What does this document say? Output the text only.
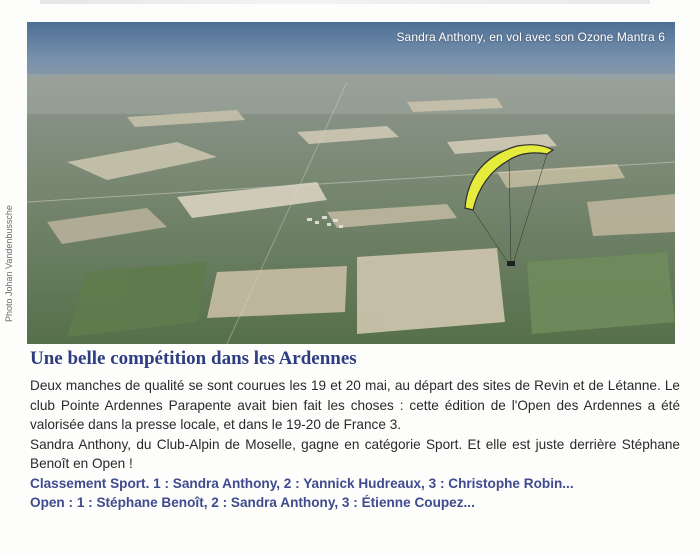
Photo Johan Vandenbussche
Sandra Anthony, en vol avec son Ozone Mantra 6
Une belle compétition dans les Ardennes

Deux manches de qualité se sont courues les 19 et 20 mai, au départ des sites de Revin et de Létanne. Le club Pointe Ardennes Parapente avait bien fait les choses : cette édition de l'Open des Ardennes a été valorisée dans la presse locale, et dans le 19-20 de France 3.

Sandra Anthony, du Club-Alpin de Moselle, gagne en catégorie Sport. Et elle est juste derrière Stéphane Benoît en Open !

Classement Sport. 1 : Sandra Anthony, 2 : Yannick Hudreaux, 3 : Christophe Robin...

Open : 1 : Stéphane Benoît, 2 : Sandra Anthony, 3 : Étienne Coupez...
